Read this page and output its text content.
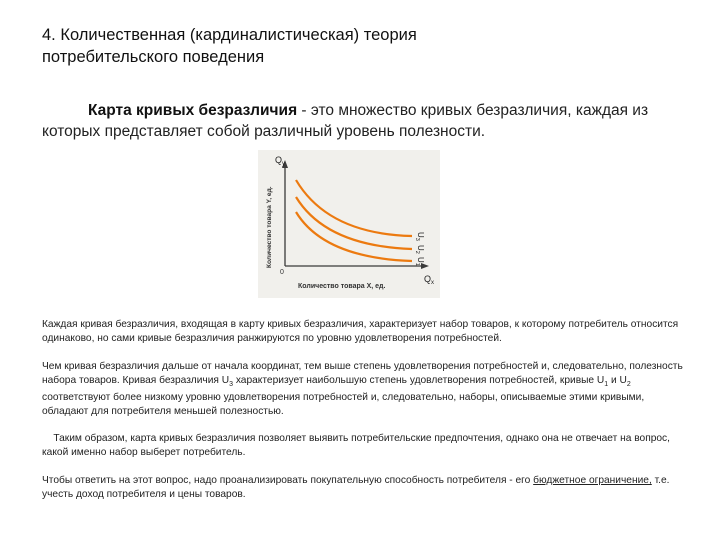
4. Количественная (кардиналистическая) теория
потребительского поведения
Карта кривых безразличия - это множество кривых безразличия, каждая из которых представляет собой различный уровень полезности.
$Q_y$
$Q_x$
0
Количество товара Y, ед.
Количество товара X, ед.
$U_3$
$U_2$
$U_1$
Каждая кривая безразличия, входящая в карту кривых безразличия, характеризует набор товаров, к которому потребитель относится одинаково, но сами кривые безразличия ранжируются по уровню удовлетворения потребностей.
Чем кривая безразличия дальше от начала координат, тем выше степень удовлетворения потребностей и, следовательно, полезность набора товаров. Кривая безразличия $U_3$ характеризует наибольшую степень удовлетворения потребностей, кривые $U_1$ и $U_2$ соответствуют более низкому уровню удовлетворения потребностей и, следовательно, наборы, описываемые этими кривыми, обладают для потребителя меньшей полезностью.
Таким образом, карта кривых безразличия позволяет выявить потребительские предпочтения, однако она не отвечает на вопрос, какой именно набор выберет потребитель.
Чтобы ответить на этот вопрос, надо проанализировать покупательную способность потребителя - его бюджетное ограничение, т.е. учесть доход потребителя и цены товаров.
